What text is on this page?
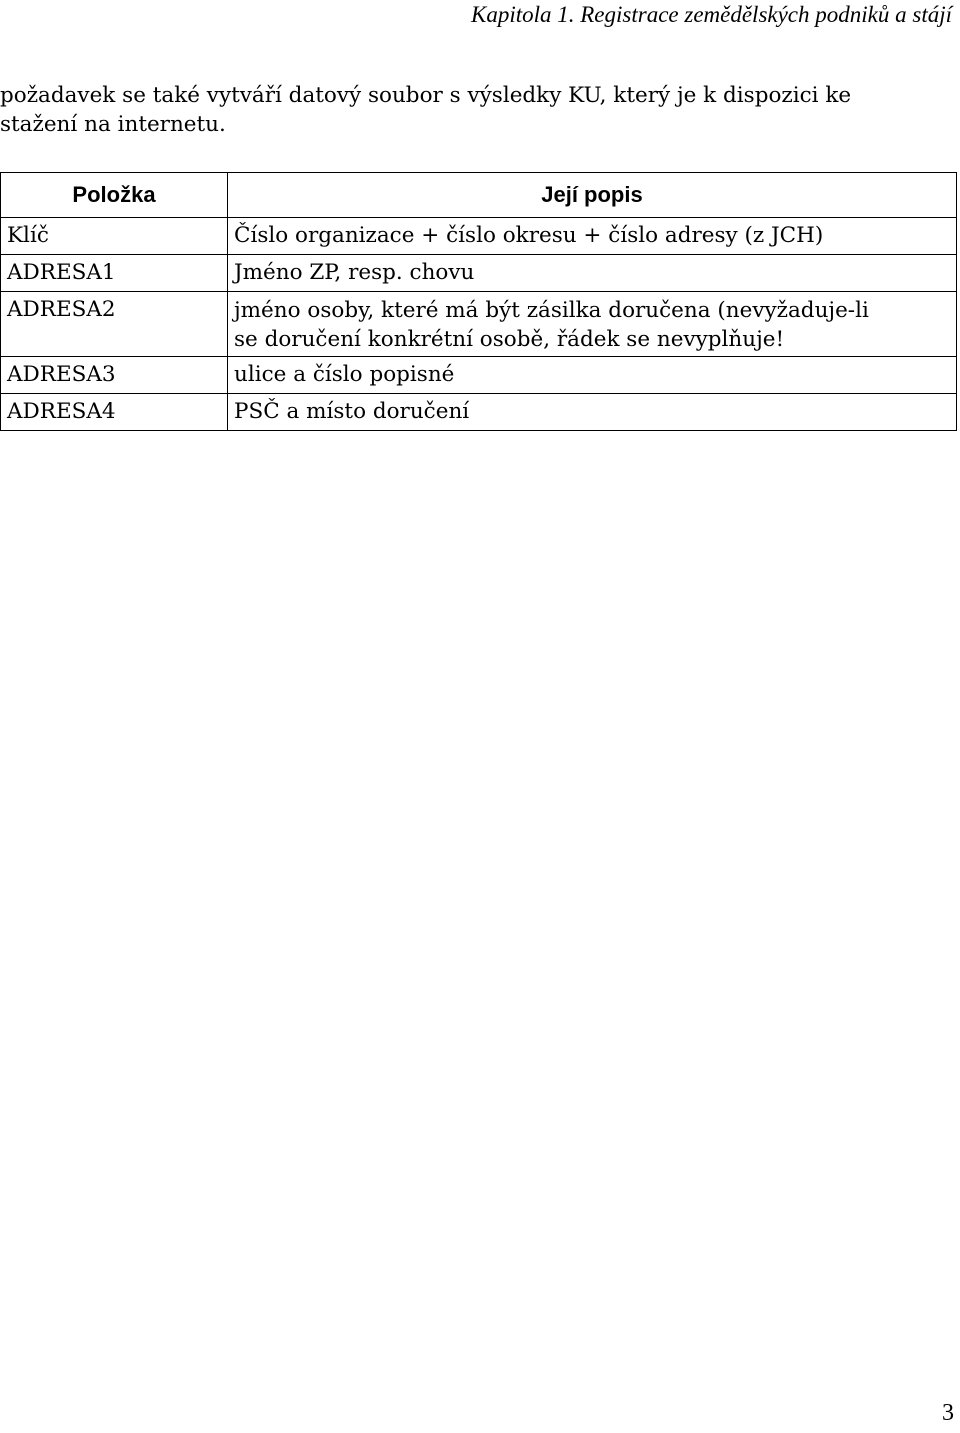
Kapitola 1. Registrace zemědělských podniků a stájí

požadavek se také vytváří datový soubor s výsledky KU, který je k dispozici ke
stažení na internetu.

Položka	Její popis
Klíč	Číslo organizace + číslo okresu + číslo adresy (z JCH)

ADRESA1	Jméno ZP, resp. chovu

ADRESA2	jméno osoby, které má být zásilka doručena (nevyžaduje-li
se doručení konkrétní osobě, řádek se nevyplňuje!

ADRESA3	ulice a číslo popisné

ADRESA4	PSČ a místo doručení
3
